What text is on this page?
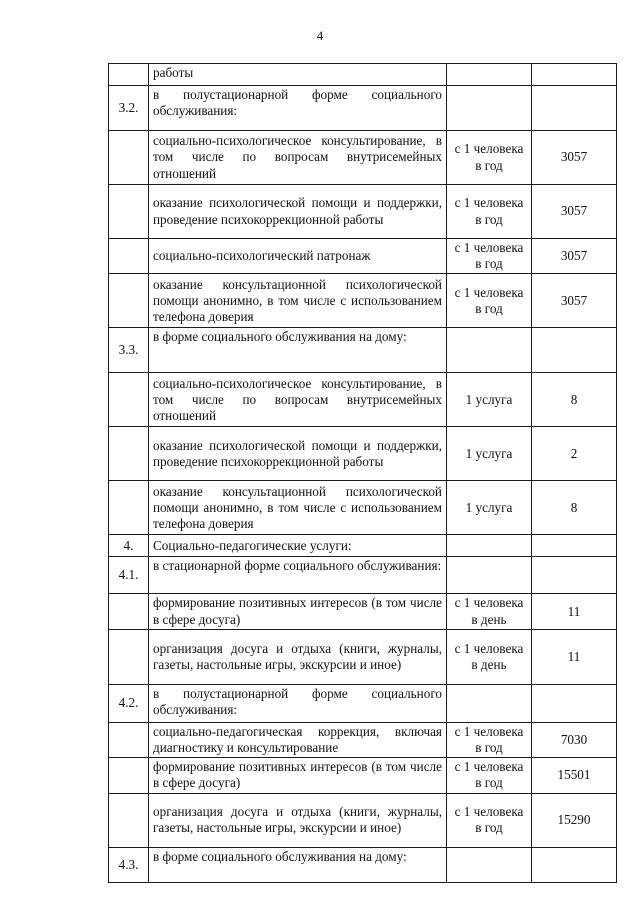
4
	работы		
3.2.	в полустационарной форме социального обслуживания:		
	социально-психологическое консультирование, в том числе по вопросам внутрисемейных отношений	с 1 человека в год	3057
	оказание психологической помощи и поддержки, проведение психокоррекционной работы	с 1 человека в год	3057
	социально-психологический патронаж	с 1 человека в год	3057
	оказание консультационной психологической помощи анонимно, в том числе с использованием телефона доверия	с 1 человека в год	3057
3.3.	в форме социального обслуживания на дому:		
	социально-психологическое консультирование, в том числе по вопросам внутрисемейных отношений	1 услуга	8
	оказание психологической помощи и поддержки, проведение психокоррекционной работы	1 услуга	2
	оказание консультационной психологической помощи анонимно, в том числе с использованием телефона доверия	1 услуга	8
4.	Социально-педагогические услуги:		
4.1.	в стационарной форме социального обслуживания:		
	формирование позитивных интересов (в том числе в сфере досуга)	с 1 человека в день	11
	организация досуга и отдыха (книги, журналы, газеты, настольные игры, экскурсии и иное)	с 1 человека в день	11
4.2.	в полустационарной форме социального обслуживания:		
	социально-педагогическая коррекция, включая диагностику и консультирование	с 1 человека в год	7030
	формирование позитивных интересов (в том числе в сфере досуга)	с 1 человека в год	15501
	организация досуга и отдыха (книги, журналы, газеты, настольные игры, экскурсии и иное)	с 1 человека в год	15290
4.3.	в форме социального обслуживания на дому:		
